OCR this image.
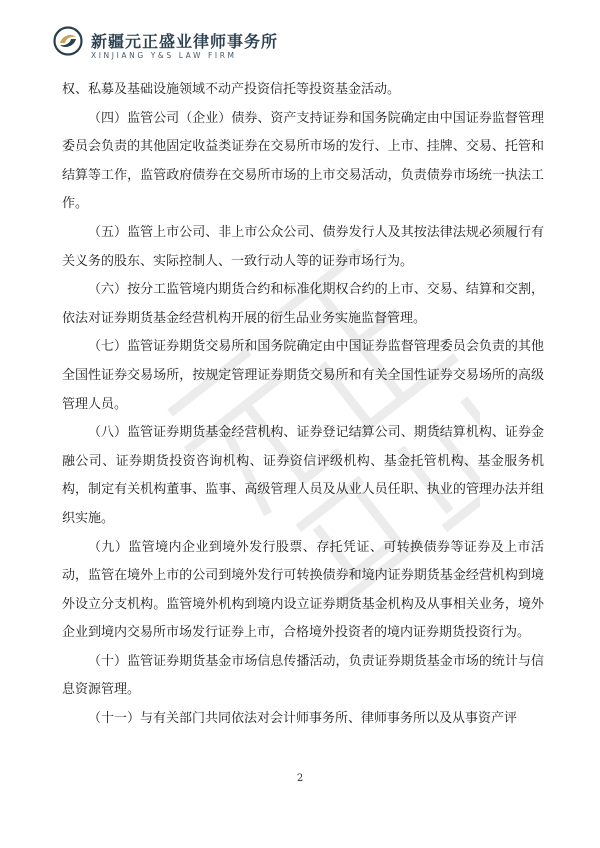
新疆元正盛业律师事务所
XINJIANG Y&S LAW FIRM

权、私募及基础设施领域不动产投资信托等投资基金活动。

（四）监管公司（企业）债券、资产支持证券和国务院确定由中国证券监督管理委员会负责的其他固定收益类证券在交易所市场的发行、上市、挂牌、交易、托管和结算等工作，监管政府债券在交易所市场的上市交易活动，负责债券市场统一执法工作。

（五）监管上市公司、非上市公众公司、债券发行人及其按法律法规必须履行有关义务的股东、实际控制人、一致行动人等的证券市场行为。

（六）按分工监管境内期货合约和标准化期权合约的上市、交易、结算和交割，依法对证券期货基金经营机构开展的衍生品业务实施监督管理。

（七）监管证券期货交易所和国务院确定由中国证券监督管理委员会负责的其他全国性证券交易场所，按规定管理证券期货交易所和有关全国性证券交易场所的高级管理人员。

（八）监管证券期货基金经营机构、证券登记结算公司、期货结算机构、证券金融公司、证券期货投资咨询机构、证券资信评级机构、基金托管机构、基金服务机构，制定有关机构董事、监事、高级管理人员及从业人员任职、执业的管理办法并组织实施。

（九）监管境内企业到境外发行股票、存托凭证、可转换债券等证券及上市活动，监管在境外上市的公司到境外发行可转换债券和境内证券期货基金经营机构到境外设立分支机构。监管境外机构到境内设立证券期货基金机构及从事相关业务，境外企业到境内交易所市场发行证券上市，合格境外投资者的境内证券期货投资行为。

（十）监管证券期货基金市场信息传播活动，负责证券期货基金市场的统计与信息资源管理。

（十一）与有关部门共同依法对会计师事务所、律师事务所以及从事资产评

2
